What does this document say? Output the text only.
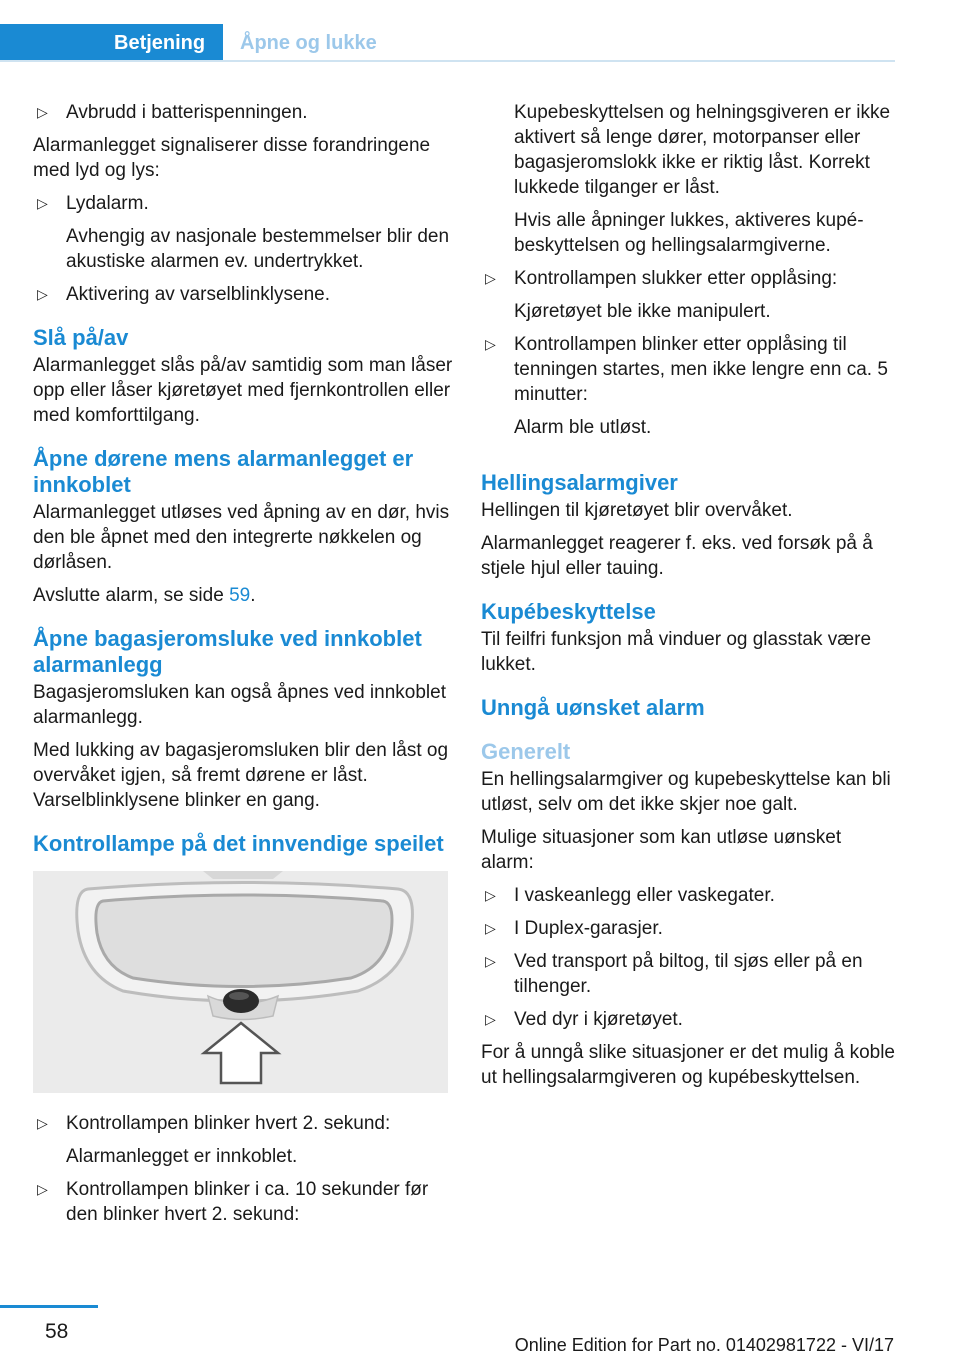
Betjening	Åpne og lukke
▷ Avbrudd i batterispenningen.

Alarmanlegget signaliserer disse forandringene med lyd og lys:

▷ Lydalarm.
Avhengig av nasjonale bestemmelser blir den akustiske alarmen ev. undertrykket.
▷ Aktivering av varselblinklysene.
Slå på/av

Alarmanlegget slås på/av samtidig som man låser opp eller låser kjøretøyet med fjernkontrollen eller med komforttilgang.

Åpne dørene mens alarmanlegget er innkoblet

Alarmanlegget utløses ved åpning av en dør, hvis den ble åpnet med den integrerte nøkkelen og dørlåsen.

Avslutte alarm, se side 59.

Åpne bagasjeromsluke ved innkoblet alarmanlegg

Bagasjeromsluken kan også åpnes ved innkoblet alarmanlegg.

Med lukking av bagasjeromsluken blir den låst og overvåket igjen, så fremt dørene er låst. Varselblinklysene blinker en gang.

Kontrollampe på det innvendige speilet
▷ Kontrollampen blinker hvert 2. sekund:
Alarmanlegget er innkoblet.
▷ Kontrollampen blinker i ca. 10 sekunder før den blinker hvert 2. sekund:
Kupebeskyttelsen og helningsgiveren er ikke aktivert så lenge dører, motorpanser eller bagasjeromslokk ikke er riktig låst. Korrekt lukkede tilganger er låst.
Hvis alle åpninger lukkes, aktiveres kupébeskyttelsen og hellingsalarmgiverne.
▷ Kontrollampen slukker etter opplåsing:
Kjøretøyet ble ikke manipulert.
▷ Kontrollampen blinker etter opplåsing til tenningen startes, men ikke lengre enn ca. 5 minutter:
Alarm ble utløst.
Hellingsalarmgiver

Hellingen til kjøretøyet blir overvåket.

Alarmanlegget reagerer f. eks. ved forsøk på å stjele hjul eller tauing.

Kupébeskyttelse

Til feilfri funksjon må vinduer og glasstak være lukket.

Unngå uønsket alarm
Generelt

En hellingsalarmgiver og kupebeskyttelse kan bli utløst, selv om det ikke skjer noe galt.

Mulige situasjoner som kan utløse uønsket alarm:

▷ I vaskeanlegg eller vaskegater.
▷ I Duplex-garasjer.
▷ Ved transport på biltog, til sjøs eller på en tilhenger.
▷ Ved dyr i kjøretøyet.

For å unngå slike situasjoner er det mulig å koble ut hellingsalarmgiveren og kupébeskyttelsen.

58
Online Edition for Part no. 01402981722 - VI/17
